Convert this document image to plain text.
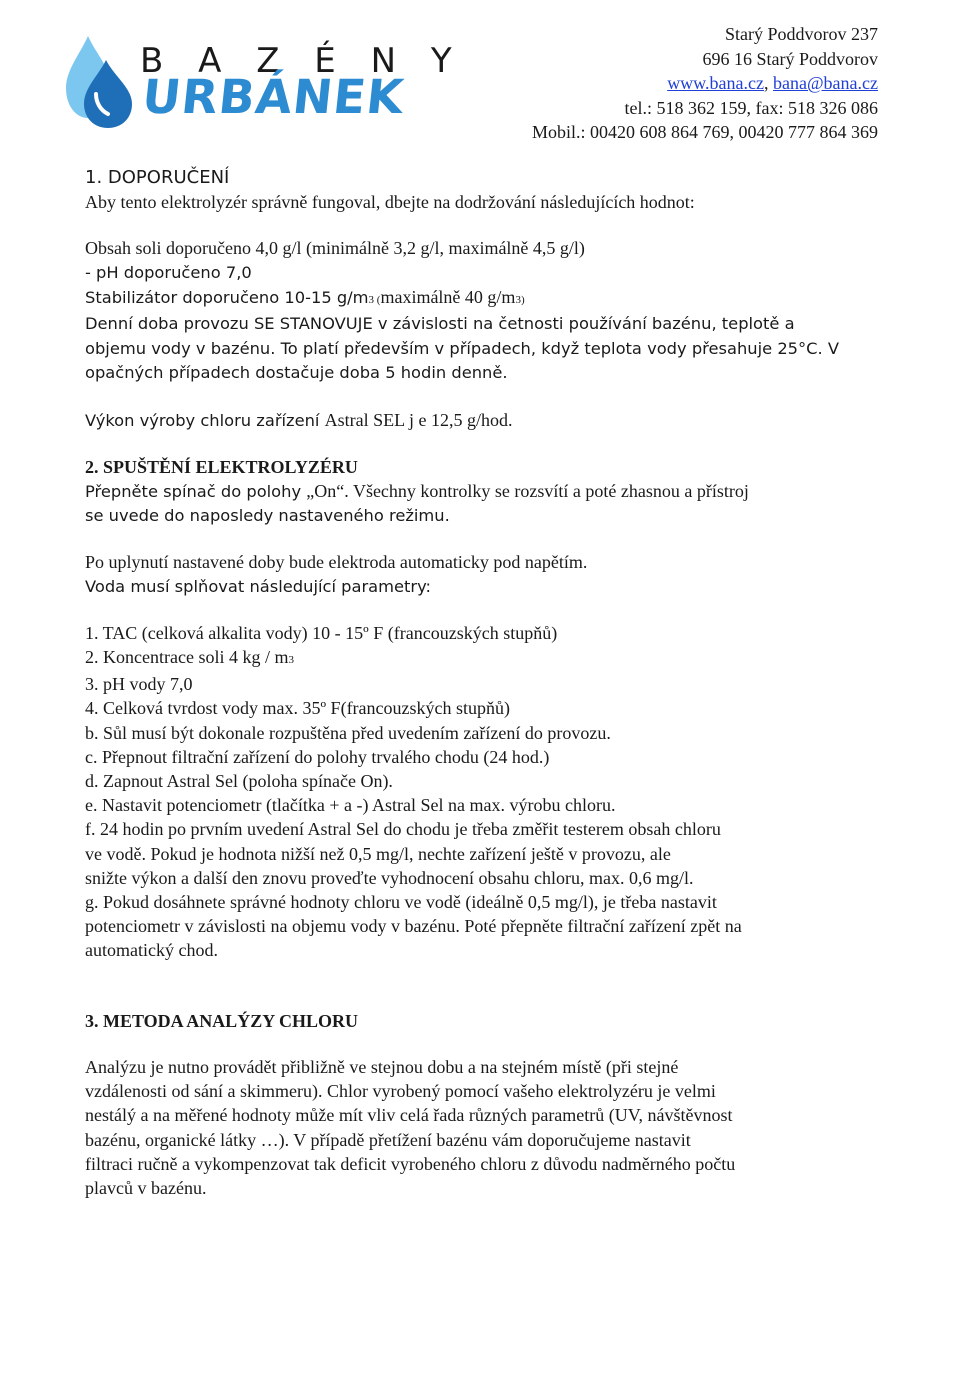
B A Z É N Y
URBÁNEK
Starý Poddvorov 237
696 16 Starý Poddvorov
www.bana.cz, bana@bana.cz
tel.: 518 362 159, fax: 518 326 086
Mobil.: 00420 608 864 769, 00420 777 864 369

1. DOPORUČENÍ

Aby tento elektrolyzér správně fungoval, dbejte na dodržování následujících hodnot:

Obsah soli doporučeno 4,0 g/l (minimálně 3,2 g/l, maximálně 4,5 g/l)

- pH doporučeno 7,0

Stabilizátor doporučeno 10-15 g/m3 (maximálně 40 g/m3)

Denní doba provozu SE STANOVUJE v závislosti na četnosti používání bazénu, teplotě a

objemu vody v bazénu. To platí především v případech, když teplota vody přesahuje 25°C. V

opačných případech dostačuje doba 5 hodin denně.

Výkon výroby chloru zařízení Astral SEL j e 12,5 g/hod.

2. SPUŠTĚNÍ ELEKTROLYZÉRU

Přepněte spínač do polohy „On“. Všechny kontrolky se rozsvítí a poté zhasnou a přístroj

se uvede do naposledy nastaveného režimu.

Po uplynutí nastavené doby bude elektroda automaticky pod napětím.

Voda musí splňovat následující parametry:

1. TAC (celková alkalita vody) 10 - 15º F (francouzských stupňů)

2. Koncentrace soli 4 kg / m3

3. pH vody 7,0

4. Celková tvrdost vody max. 35º F(francouzských stupňů)

b. Sůl musí být dokonale rozpuštěna před uvedením zařízení do provozu.

c. Přepnout filtrační zařízení do polohy trvalého chodu (24 hod.)

d. Zapnout Astral Sel (poloha spínače On).

e. Nastavit potenciometr (tlačítka + a -) Astral Sel na max. výrobu chloru.

f. 24 hodin po prvním uvedení Astral Sel do chodu je třeba změřit testerem obsah chloru

ve vodě. Pokud je hodnota nižší než 0,5 mg/l, nechte zařízení ještě v provozu, ale

snižte výkon a další den znovu proveďte vyhodnocení obsahu chloru, max. 0,6 mg/l.

g. Pokud dosáhnete správné hodnoty chloru ve vodě (ideálně 0,5 mg/l), je třeba nastavit

potenciometr v závislosti na objemu vody v bazénu. Poté přepněte filtrační zařízení zpět na

automatický chod.

3. METODA ANALÝZY CHLORU

Analýzu je nutno provádět přibližně ve stejnou dobu a na stejném místě (při stejné

vzdálenosti od sání a skimmeru). Chlor vyrobený pomocí vašeho elektrolyzéru je velmi

nestálý a na měřené hodnoty může mít vliv celá řada různých parametrů (UV, návštěvnost

bazénu, organické látky …). V případě přetížení bazénu vám doporučujeme nastavit

filtraci ručně a vykompenzovat tak deficit vyrobeného chloru z důvodu nadměrného počtu

plavců v bazénu.
